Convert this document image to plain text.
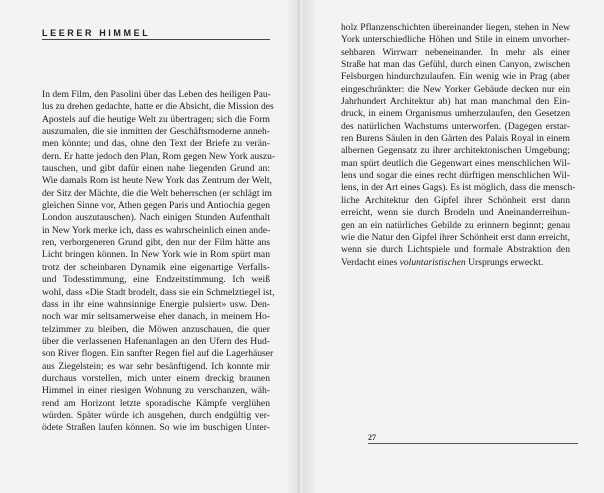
LEERER HIMMEL
In dem Film, den Pasolini über das Leben des heiligen Pau-
lus zu drehen gedachte, hatte er die Absicht, die Mission des
Apostels auf die heutige Welt zu übertragen; sich die Form
auszumalen, die sie inmitten der Geschäftsmoderne anneh-
men könnte; und das, ohne den Text der Briefe zu verän-
dern. Er hatte jedoch den Plan, Rom gegen New York auszu-
tauschen, und gibt dafür einen nahe liegenden Grund an:
Wie damals Rom ist heute New York das Zentrum der Welt,
der Sitz der Mächte, die die Welt beherrschen (er schlägt im
gleichen Sinne vor, Athen gegen Paris und Antiochia gegen
London auszutauschen). Nach einigen Stunden Aufenthalt
in New York merke ich, dass es wahrscheinlich einen ande-
ren, verborgeneren Grund gibt, den nur der Film hätte ans
Licht bringen können. In New York wie in Rom spürt man
trotz der scheinbaren Dynamik eine eigenartige Verfalls-
und Todesstimmung, eine Endzeitstimmung. Ich weiß
wohl, dass «Die Stadt brodelt, dass sie ein Schmelztiegel ist,
dass in ihr eine wahnsinnige Energie pulsiert» usw. Den-
noch war mir seltsamerweise eher danach, in meinem Ho-
telzimmer zu bleiben, die Möwen anzuschauen, die quer
über die verlassenen Hafenanlagen an den Ufern des Hud-
son River flogen. Ein sanfter Regen fiel auf die Lagerhäuser
aus Ziegelstein; es war sehr besänftigend. Ich konnte mir
durchaus vorstellen, mich unter einem dreckig braunen
Himmel in einer riesigen Wohnung zu verschanzen, wäh-
rend am Horizont letzte sporadische Kämpfe verglühen
würden. Später würde ich ausgehen, durch endgültig ver-
ödete Straßen laufen können. So wie im buschigen Unter-
holz Pflanzenschichten übereinander liegen, stehen in New
York unterschiedliche Höhen und Stile in einem unvorher-
sehbaren Wirrwarr nebeneinander. In mehr als einer
Straße hat man das Gefühl, durch einen Canyon, zwischen
Felsburgen hindurchzulaufen. Ein wenig wie in Prag (aber
eingeschränkter: die New Yorker Gebäude decken nur ein
Jahrhundert Architektur ab) hat man manchmal den Ein-
druck, in einem Organismus umherzulaufen, den Gesetzen
des natürlichen Wachstums unterworfen. (Dagegen erstar-
ren Burens Säulen in den Gärten des Palais Royal in einem
albernen Gegensatz zu ihrer architektonischen Umgebung;
man spürt deutlich die Gegenwart eines menschlichen Wil-
lens und sogar die eines recht dürftigen menschlichen Wil-
lens, in der Art eines Gags). Es ist möglich, dass die mensch-
liche Architektur den Gipfel ihrer Schönheit erst dann
erreicht, wenn sie durch Brodeln und Aneinanderreihun-
gen an ein natürliches Gebilde zu erinnern beginnt; genau
wie die Natur den Gipfel ihrer Schönheit erst dann erreicht,
wenn sie durch Lichtspiele und formale Abstraktion den
Verdacht eines voluntaristischen Ursprungs erweckt.
27
